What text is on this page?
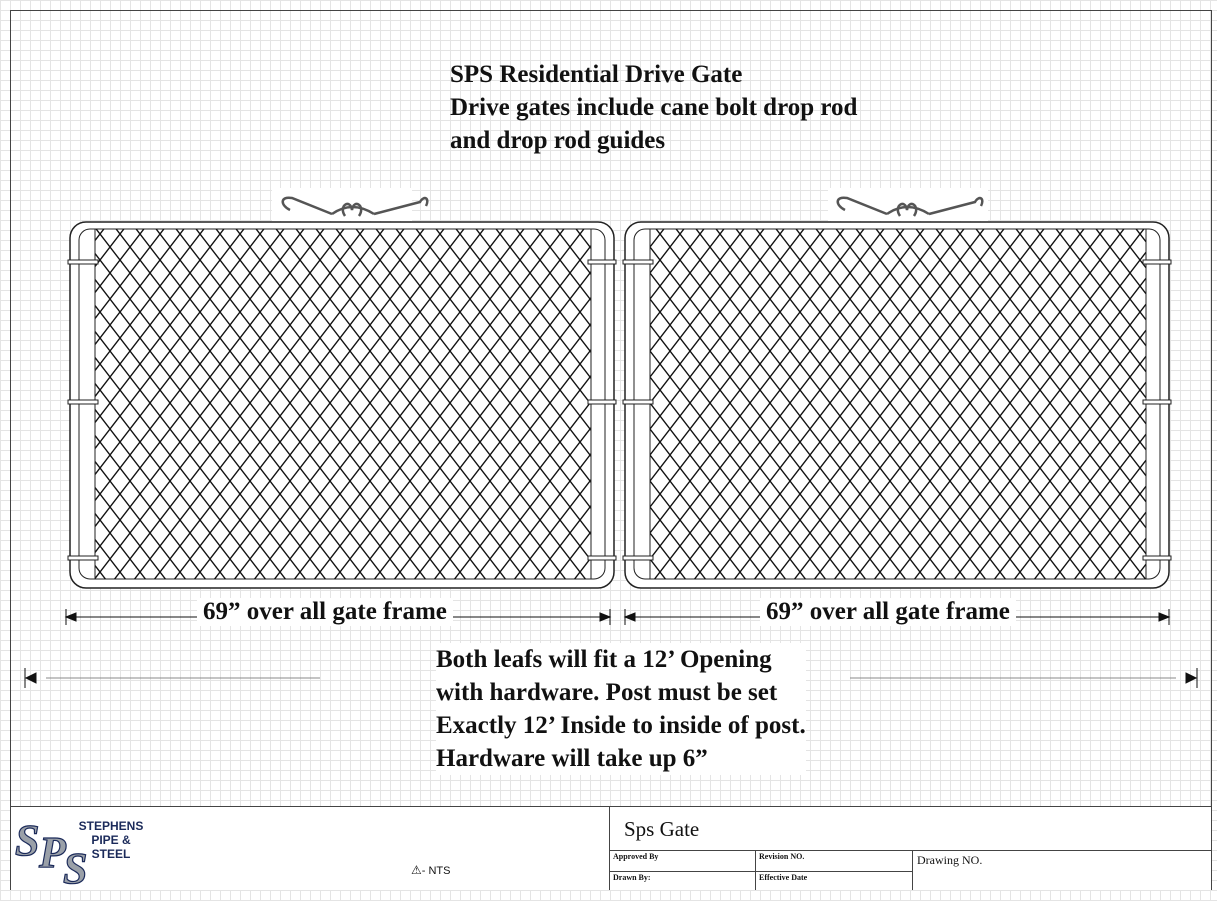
SPS Residential Drive Gate
Drive gates include cane bolt drop rod
and drop rod guides
69” over all gate frame	69” over all gate frame
Both leafs will fit a 12’ Opening
with hardware. Post must be set
Exactly 12’ Inside to inside of post.
Hardware will take up 6”
S P
S
STEPHENS
PIPE &
STEEL
⚠- NTS
Sps Gate
Approved By	Revision NO.
Drawn By:	Effective Date
Drawing NO.
